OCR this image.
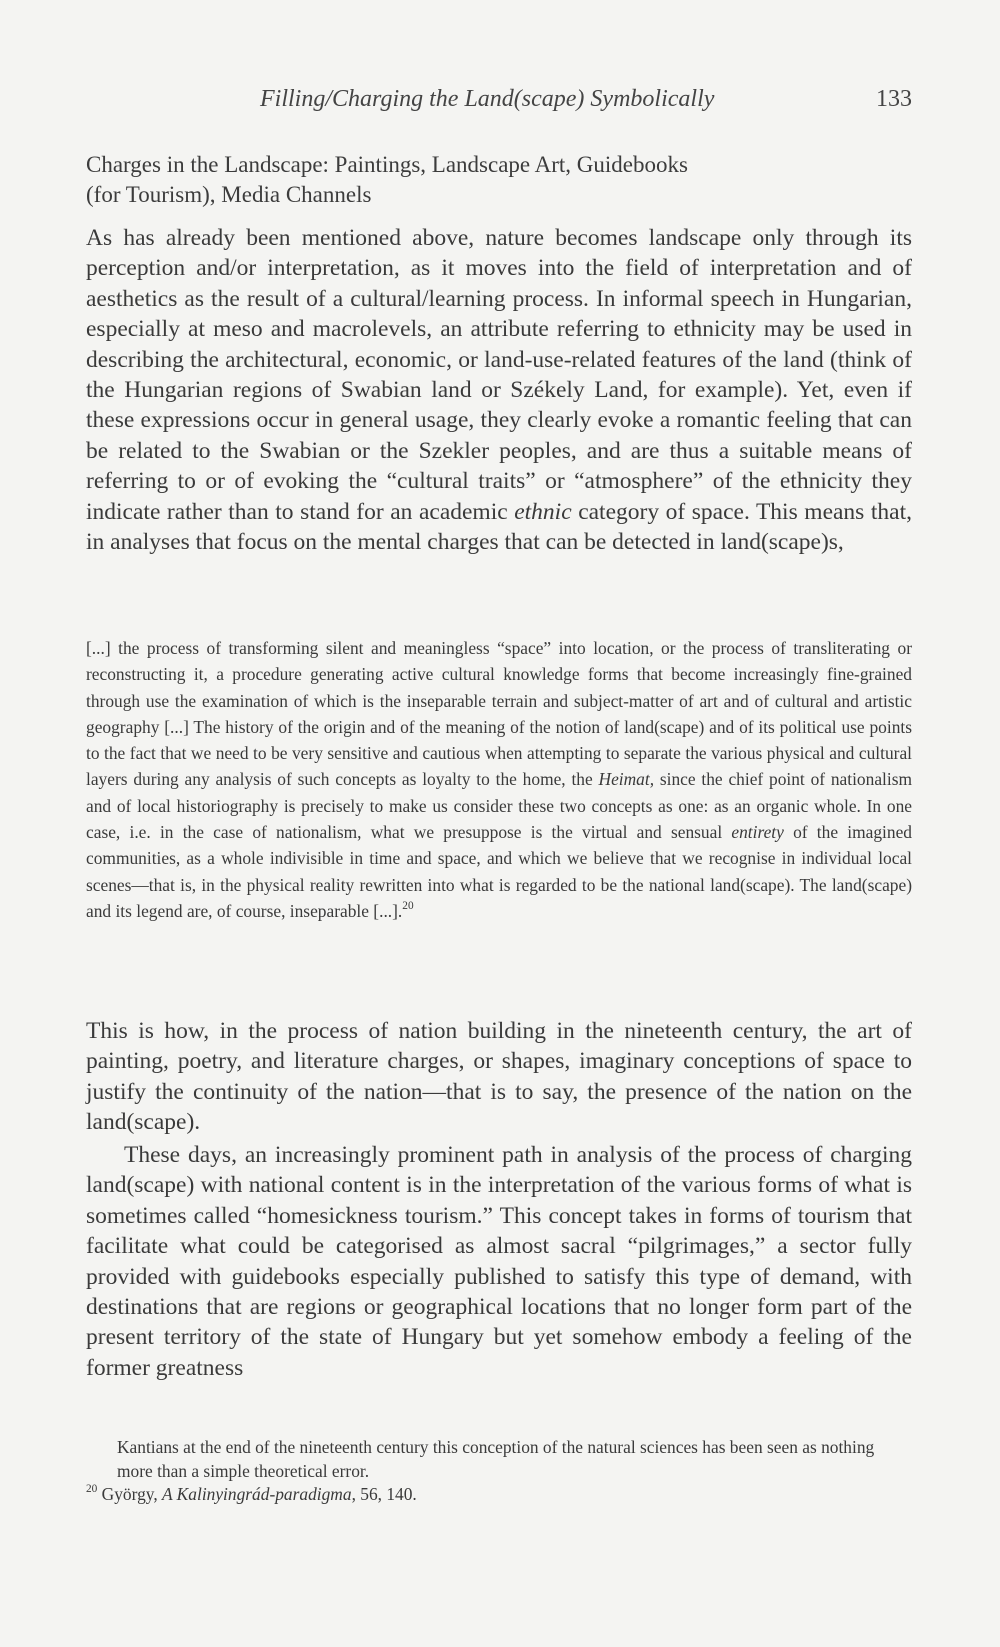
Filling/Charging the Land(scape) Symbolically	133
Charges in the Landscape: Paintings, Landscape Art, Guidebooks
(for Tourism), Media Channels

As has already been mentioned above, nature becomes landscape only through its perception and/or interpretation, as it moves into the field of interpretation and of aesthetics as the result of a cultural/learning process. In informal speech in Hungarian, especially at meso and macrolevels, an attribute referring to ethnicity may be used in describing the architectural, economic, or land-use-related features of the land (think of the Hungarian regions of Swabian land or Székely Land, for example). Yet, even if these expressions occur in general usage, they clearly evoke a romantic feeling that can be related to the Swabian or the Szekler peoples, and are thus a suitable means of referring to or of evoking the “cultural traits” or “atmosphere” of the ethnicity they indicate rather than to stand for an academic ethnic category of space. This means that, in analyses that focus on the mental charges that can be detected in land(scape)s,

[...] the process of transforming silent and meaningless “space” into location, or the process of transliterating or reconstructing it, a procedure generating active cultural knowledge forms that become increasingly fine-grained through use the examination of which is the inseparable terrain and subject-matter of art and of cultural and artistic geography [...] The history of the origin and of the meaning of the notion of land(scape) and of its political use points to the fact that we need to be very sensitive and cautious when attempting to separate the various physical and cultural layers during any analysis of such concepts as loyalty to the home, the Heimat, since the chief point of nationalism and of local historiography is precisely to make us consider these two concepts as one: as an organic whole. In one case, i.e. in the case of nationalism, what we presuppose is the virtual and sensual entirety of the imagined communities, as a whole indivisible in time and space, and which we believe that we recognise in individual local scenes—that is, in the physical reality rewritten into what is regarded to be the national land(scape). The land(scape) and its legend are, of course, inseparable [...].$^{20}$

This is how, in the process of nation building in the nineteenth century, the art of painting, poetry, and literature charges, or shapes, imaginary conceptions of space to justify the continuity of the nation—that is to say, the presence of the nation on the land(scape).

These days, an increasingly prominent path in analysis of the process of charging land(scape) with national content is in the interpretation of the various forms of what is sometimes called “homesickness tourism.” This concept takes in forms of tourism that facilitate what could be categorised as almost sacral “pilgrimages,” a sector fully provided with guidebooks especially published to satisfy this type of demand, with destinations that are regions or geographical locations that no longer form part of the present territory of the state of Hungary but yet somehow embody a feeling of the former greatness

Kantians at the end of the nineteenth century this conception of the natural sciences has been seen as nothing more than a simple theoretical error.

$^{20}$ György, A Kalinyingrád-paradigma, 56, 140.
